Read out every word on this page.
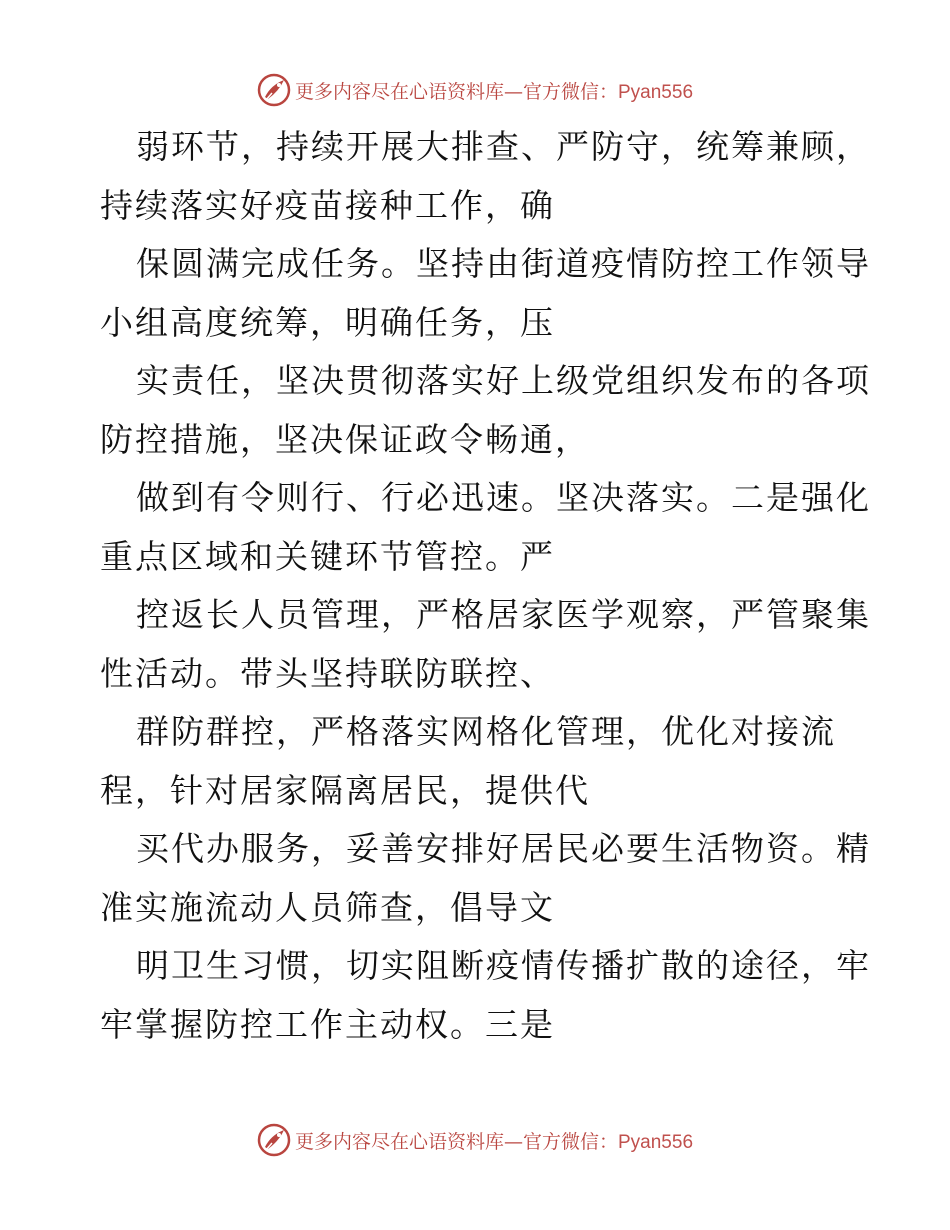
更多内容尽在心语资料库—官方微信：Pyan556

弱环节，持续开展大排查、严防守，统筹兼顾，
持续落实好疫苗接种工作，确

保圆满完成任务。坚持由街道疫情防控工作领导
小组高度统筹，明确任务，压

实责任，坚决贯彻落实好上级党组织发布的各项
防控措施，坚决保证政令畅通，

做到有令则行、行必迅速。坚决落实。二是强化
重点区域和关键环节管控。严

控返长人员管理，严格居家医学观察，严管聚集
性活动。带头坚持联防联控、

群防群控，严格落实网格化管理，优化对接流
程，针对居家隔离居民，提供代

买代办服务，妥善安排好居民必要生活物资。精
准实施流动人员筛查，倡导文

明卫生习惯，切实阻断疫情传播扩散的途径，牢
牢掌握防控工作主动权。三是

更多内容尽在心语资料库—官方微信：Pyan556
